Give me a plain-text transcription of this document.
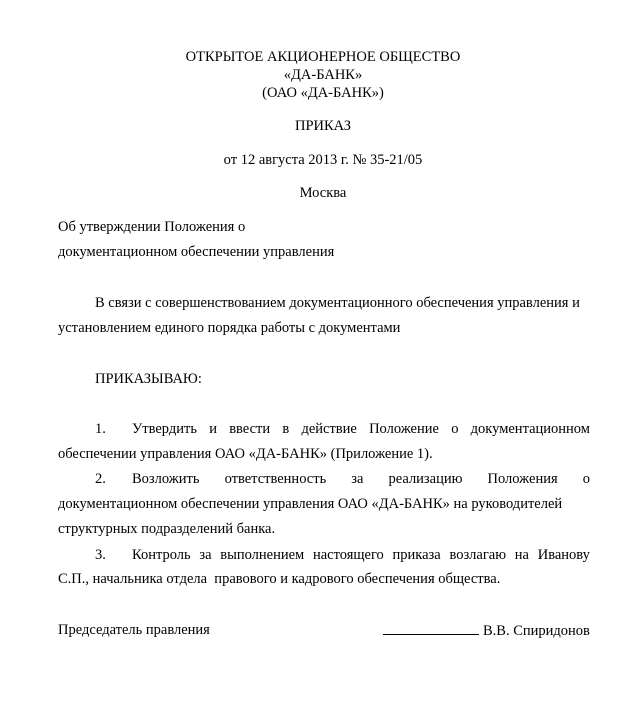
ОТКРЫТОЕ АКЦИОНЕРНОЕ ОБЩЕСТВО
«ДА-БАНК»
(ОАО «ДА-БАНК»)
ПРИКАЗ
от 12 августа 2013 г. № 35-21/05
Москва
Об утверждении Положения о
документационном обеспечении управления
В связи с совершенствованием документационного обеспечения управления и
установлением единого порядка работы с документами
ПРИКАЗЫВАЮ:
1. Утвердить и ввести в действие Положение о документационном
обеспечении управления ОАО «ДА-БАНК» (Приложение 1).
2. Возложить ответственность за реализацию Положения о
документационном обеспечении управления ОАО «ДА-БАНК» на руководителей
структурных подразделений банка.
3. Контроль за выполнением настоящего приказа возлагаю на Иванову
С.П., начальника отдела  правового и кадрового обеспечения общества.
Председатель правления	В.В. Спиридонов
